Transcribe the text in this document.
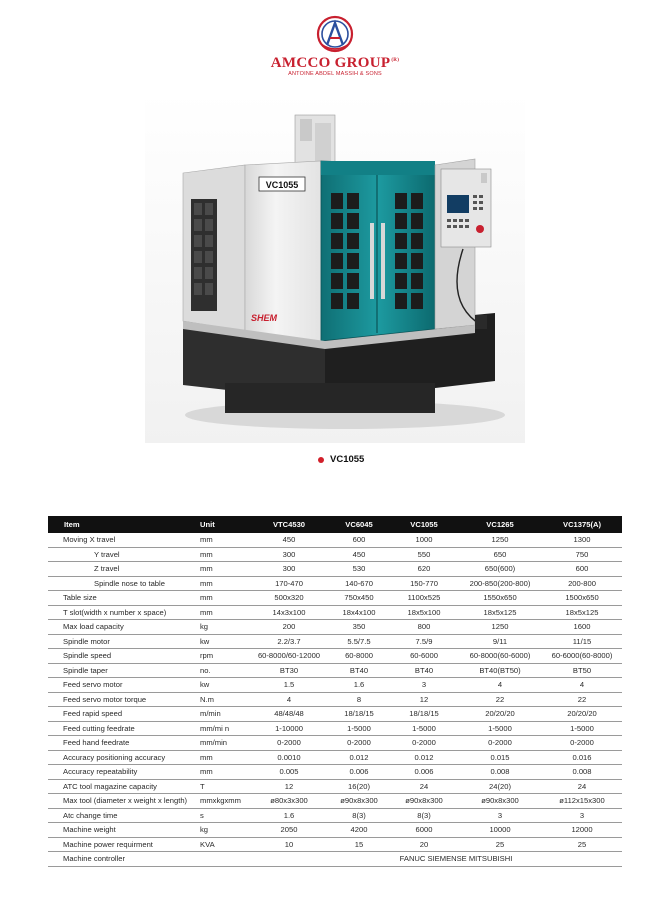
AMCCO $GROUP^{(R)}$
ANTOINE ABDEL MASSIH & SONS
VC1055
SHEM
VC1055
Item	Unit	VTC4530	VC6045	VC1055	VC1265	VC1375(A)
Moving X travel	mm	450	600	1000	1250	1300
Y travel	mm	300	450	550	650	750
Z travel	mm	300	530	620	650(600)	600
Spindle nose to table	mm	170-470	140-670	150-770	200-850(200-800)	200-800
Table size	mm	500x320	750x450	1100x525	1550x650	1500x650
T slot(width x number x space)	mm	14x3x100	18x4x100	18x5x100	18x5x125	18x5x125
Max load capacity	kg	200	350	800	1250	1600
Spindle motor	kw	2.2/3.7	5.5/7.5	7.5/9	9/11	11/15
Spindle speed	rpm	60-8000/60-12000	60-8000	60-6000	60-8000(60-6000)	60-6000(60-8000)
Spindle taper	no.	BT30	BT40	BT40	BT40(BT50)	BT50
Feed servo motor	kw	1.5	1.6	3	4	4
Feed servo motor torque	N.m	4	8	12	22	22
Feed rapid speed	m/min	48/48/48	18/18/15	18/18/15	20/20/20	20/20/20
Feed cutting feedrate	mm/mi n	1-10000	1-5000	1-5000	1-5000	1-5000
Feed hand feedrate	mm/min	0-2000	0-2000	0-2000	0-2000	0-2000
Accuracy positioning accuracy	mm	0.0010	0.012	0.012	0.015	0.016
Accuracy repeatability	mm	0.005	0.006	0.006	0.008	0.008
ATC tool magazine capacity	T	12	16(20)	24	24(20)	24
Max tool (diameter x weight x length)	mmxkgxmm	ø80x3x300	ø90x8x300	ø90x8x300	ø90x8x300	ø112x15x300
Atc change time	s	1.6	8(3)	8(3)	3	3
Machine weight	kg	2050	4200	6000	10000	12000
Machine power requirment	KVA	10	15	20	25	25
Machine controller		FANUC SIEMENSE MITSUBISHI				
